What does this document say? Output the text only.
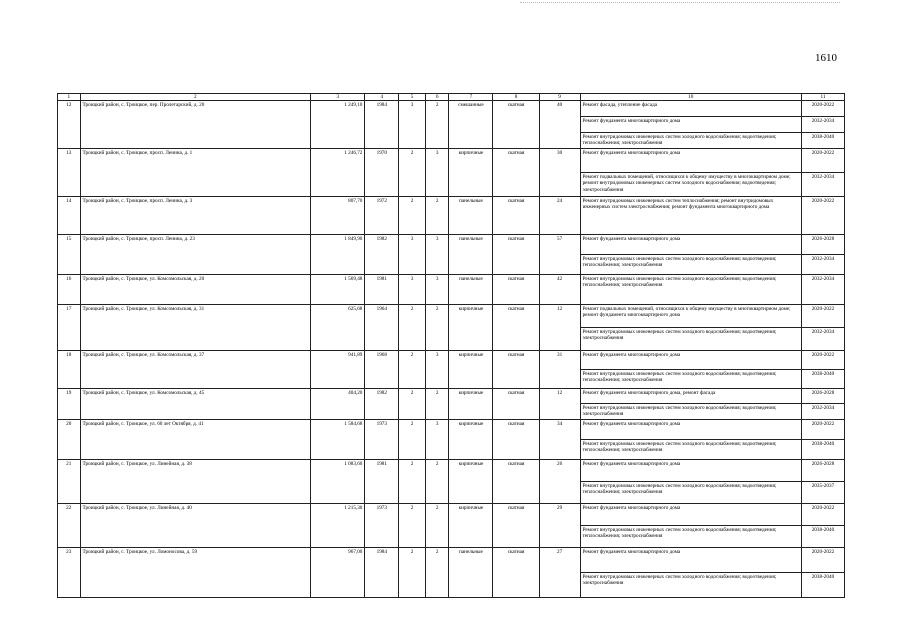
1610
1	2	3	4	5	6	7	8	9	10	11
12	Троицкий район, с. Троицкое, пер. Пролетарский, д. 20	1 249,10	1984	3	2	смешанные	скатная	40	Ремонт фасада, утепление фасада	2020-2022
									Ремонт фундамента многоквартирного дома	2032-2034
									Ремонт внутридомовых инженерных систем холодного водоснабжения; водоотведения; теплоснабжения; электроснабжения	2038-2040
13	Троицкий район, с. Троицкое, просп. Ленина, д. 1	1 246,72	1970	2	3	кирпичные	скатная	30	Ремонт фундамента многоквартирного дома	2020-2022
									Ремонт подвальных помещений, относящихся к общему имуществу в многоквартирном доме; ремонт внутридомовых инженерных систем холодного водоснабжения; водоотведения; электроснабжения	2032-2034
14	Троицкий район, с. Троицкое, просп. Ленина, д. 3	807,70	1972	2	2	панельные	скатная	24	Ремонт внутридомовых инженерных систем теплоснабжения; ремонт внутридомовых инженерных систем электроснабжения; ремонт фундамента многоквартирного дома	2020-2022
15	Троицкий район, с. Троицкое, просп. Ленина, д. 23	1 849,90	1982	3	3	панельные	скатная	57	Ремонт фундамента многоквартирного дома	2026-2028
									Ремонт внутридомовых инженерных систем холодного водоснабжения; водоотведения; теплоснабжения; электроснабжения	2032-2034
16	Троицкий район, с. Троицкое, ул. Комсомольская, д. 20	1 569,48	1981	3	3	панельные	скатная	42	Ремонт внутридомовых инженерных систем холодного водоснабжения; водоотведения; теплоснабжения; электроснабжения	2032-2034
17	Троицкий район, с. Троицкое, ул. Комсомольская, д. 31	625,68	1964	2	2	кирпичные	скатная	12	Ремонт подвальных помещений, относящихся к общему имуществу в многоквартирном доме; ремонт фундамента многоквартирного дома	2020-2022
									Ремонт внутридомовых инженерных систем холодного водоснабжения; водоотведения; электроснабжения	2032-2034
18	Троицкий район, с. Троицкое, ул. Комсомольская, д. 37	941,89	1968	2	3	кирпичные	скатная	31	Ремонт фундамента многоквартирного дома	2020-2022
									Ремонт внутридомовых инженерных систем холодного водоснабжения; водоотведения; теплоснабжения; электроснабжения	2038-2040
19	Троицкий район, с. Троицкое, ул. Комсомольская, д. 45	404,20	1982	2	2	кирпичные	скатная	12	Ремонт фундамента многоквартирного дома, ремонт фасада	2026-2028
									Ремонт внутридомовых инженерных систем холодного водоснабжения; водоотведения; электроснабжения	2032-2034
20	Троицкий район, с. Троицкое, ул. 60 лет Октября, д. 41	1 584,68	1973	2	3	кирпичные	скатная	34	Ремонт фундамента многоквартирного дома	2020-2022
									Ремонт внутридомовых инженерных систем холодного водоснабжения; водоотведения; теплоснабжения; электроснабжения	2038-2040
21	Троицкий район, с. Троицкое, ул. Линейная, д. 38	1 083,60	1981	2	2	кирпичные	скатная	26	Ремонт фундамента многоквартирного дома	2026-2028
									Ремонт внутридомовых инженерных систем холодного водоснабжения; водоотведения; теплоснабжения; электроснабжения	2035-2037
22	Троицкий район, с. Троицкое, ул. Линейная, д. 40	1 215,30	1973	2	2	кирпичные	скатная	29	Ремонт фундамента многоквартирного дома	2020-2022
									Ремонт внутридомовых инженерных систем холодного водоснабжения; водоотведения; теплоснабжения; электроснабжения	2038-2040
23	Троицкий район, с. Троицкое, ул. Ломоносова, д. 59	967,00	1984	2	2	панельные	скатная	27	Ремонт фундамента многоквартирного дома	2020-2022
									Ремонт внутридомовых инженерных систем холодного водоснабжения; водоотведения; электроснабжения	2038-2040
